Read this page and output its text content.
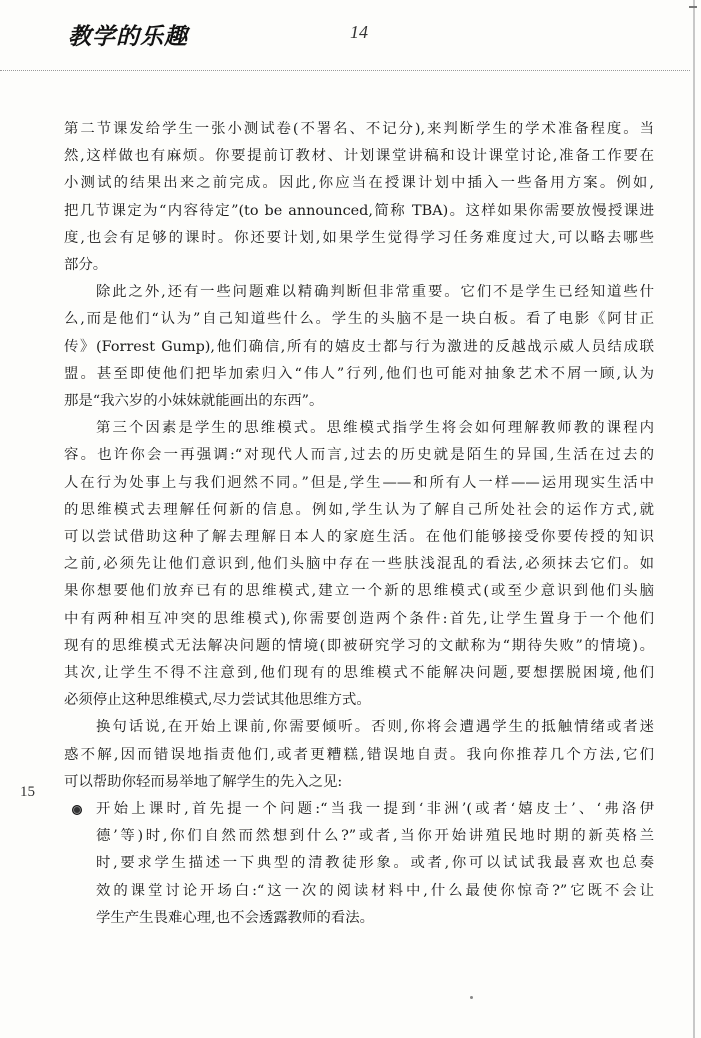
教学的乐趣	14
15
第二节课发给学生一张小测试卷(不署名、不记分),来判断学生的学术准备程度。当
然,这样做也有麻烦。你要提前订教材、计划课堂讲稿和设计课堂讨论,准备工作要在
小测试的结果出来之前完成。因此,你应当在授课计划中插入一些备用方案。例如,
把几节课定为“内容待定”(to be announced,简称 TBA)。这样如果你需要放慢授课进
度,也会有足够的课时。你还要计划,如果学生觉得学习任务难度过大,可以略去哪些
部分。
除此之外,还有一些问题难以精确判断但非常重要。它们不是学生已经知道些什
么,而是他们“认为”自己知道些什么。学生的头脑不是一块白板。看了电影《阿甘正
传》(Forrest Gump),他们确信,所有的嬉皮士都与行为激进的反越战示威人员结成联
盟。甚至即使他们把毕加索归入“伟人”行列,他们也可能对抽象艺术不屑一顾,认为
那是“我六岁的小妹妹就能画出的东西”。
第三个因素是学生的思维模式。思维模式指学生将会如何理解教师教的课程内
容。也许你会一再强调:“对现代人而言,过去的历史就是陌生的异国,生活在过去的
人在行为处事上与我们迥然不同。”但是,学生——和所有人一样——运用现实生活中
的思维模式去理解任何新的信息。例如,学生认为了解自己所处社会的运作方式,就
可以尝试借助这种了解去理解日本人的家庭生活。在他们能够接受你要传授的知识
之前,必须先让他们意识到,他们头脑中存在一些肤浅混乱的看法,必须抹去它们。如
果你想要他们放弃已有的思维模式,建立一个新的思维模式(或至少意识到他们头脑
中有两种相互冲突的思维模式),你需要创造两个条件:首先,让学生置身于一个他们
现有的思维模式无法解决问题的情境(即被研究学习的文献称为“期待失败”的情境)。
其次,让学生不得不注意到,他们现有的思维模式不能解决问题,要想摆脱困境,他们
必须停止这种思维模式,尽力尝试其他思维方式。
换句话说,在开始上课前,你需要倾听。否则,你将会遭遇学生的抵触情绪或者迷
惑不解,因而错误地指责他们,或者更糟糕,错误地自责。我向你推荐几个方法,它们
可以帮助你轻而易举地了解学生的先入之见:
开始上课时,首先提一个问题:“当我一提到‘非洲’(或者‘嬉皮士’、‘弗洛伊
德’等)时,你们自然而然想到什么?”或者,当你开始讲殖民地时期的新英格兰
时,要求学生描述一下典型的清教徒形象。或者,你可以试试我最喜欢也总奏
效的课堂讨论开场白:“这一次的阅读材料中,什么最使你惊奇?”它既不会让
学生产生畏难心理,也不会透露教师的看法。
